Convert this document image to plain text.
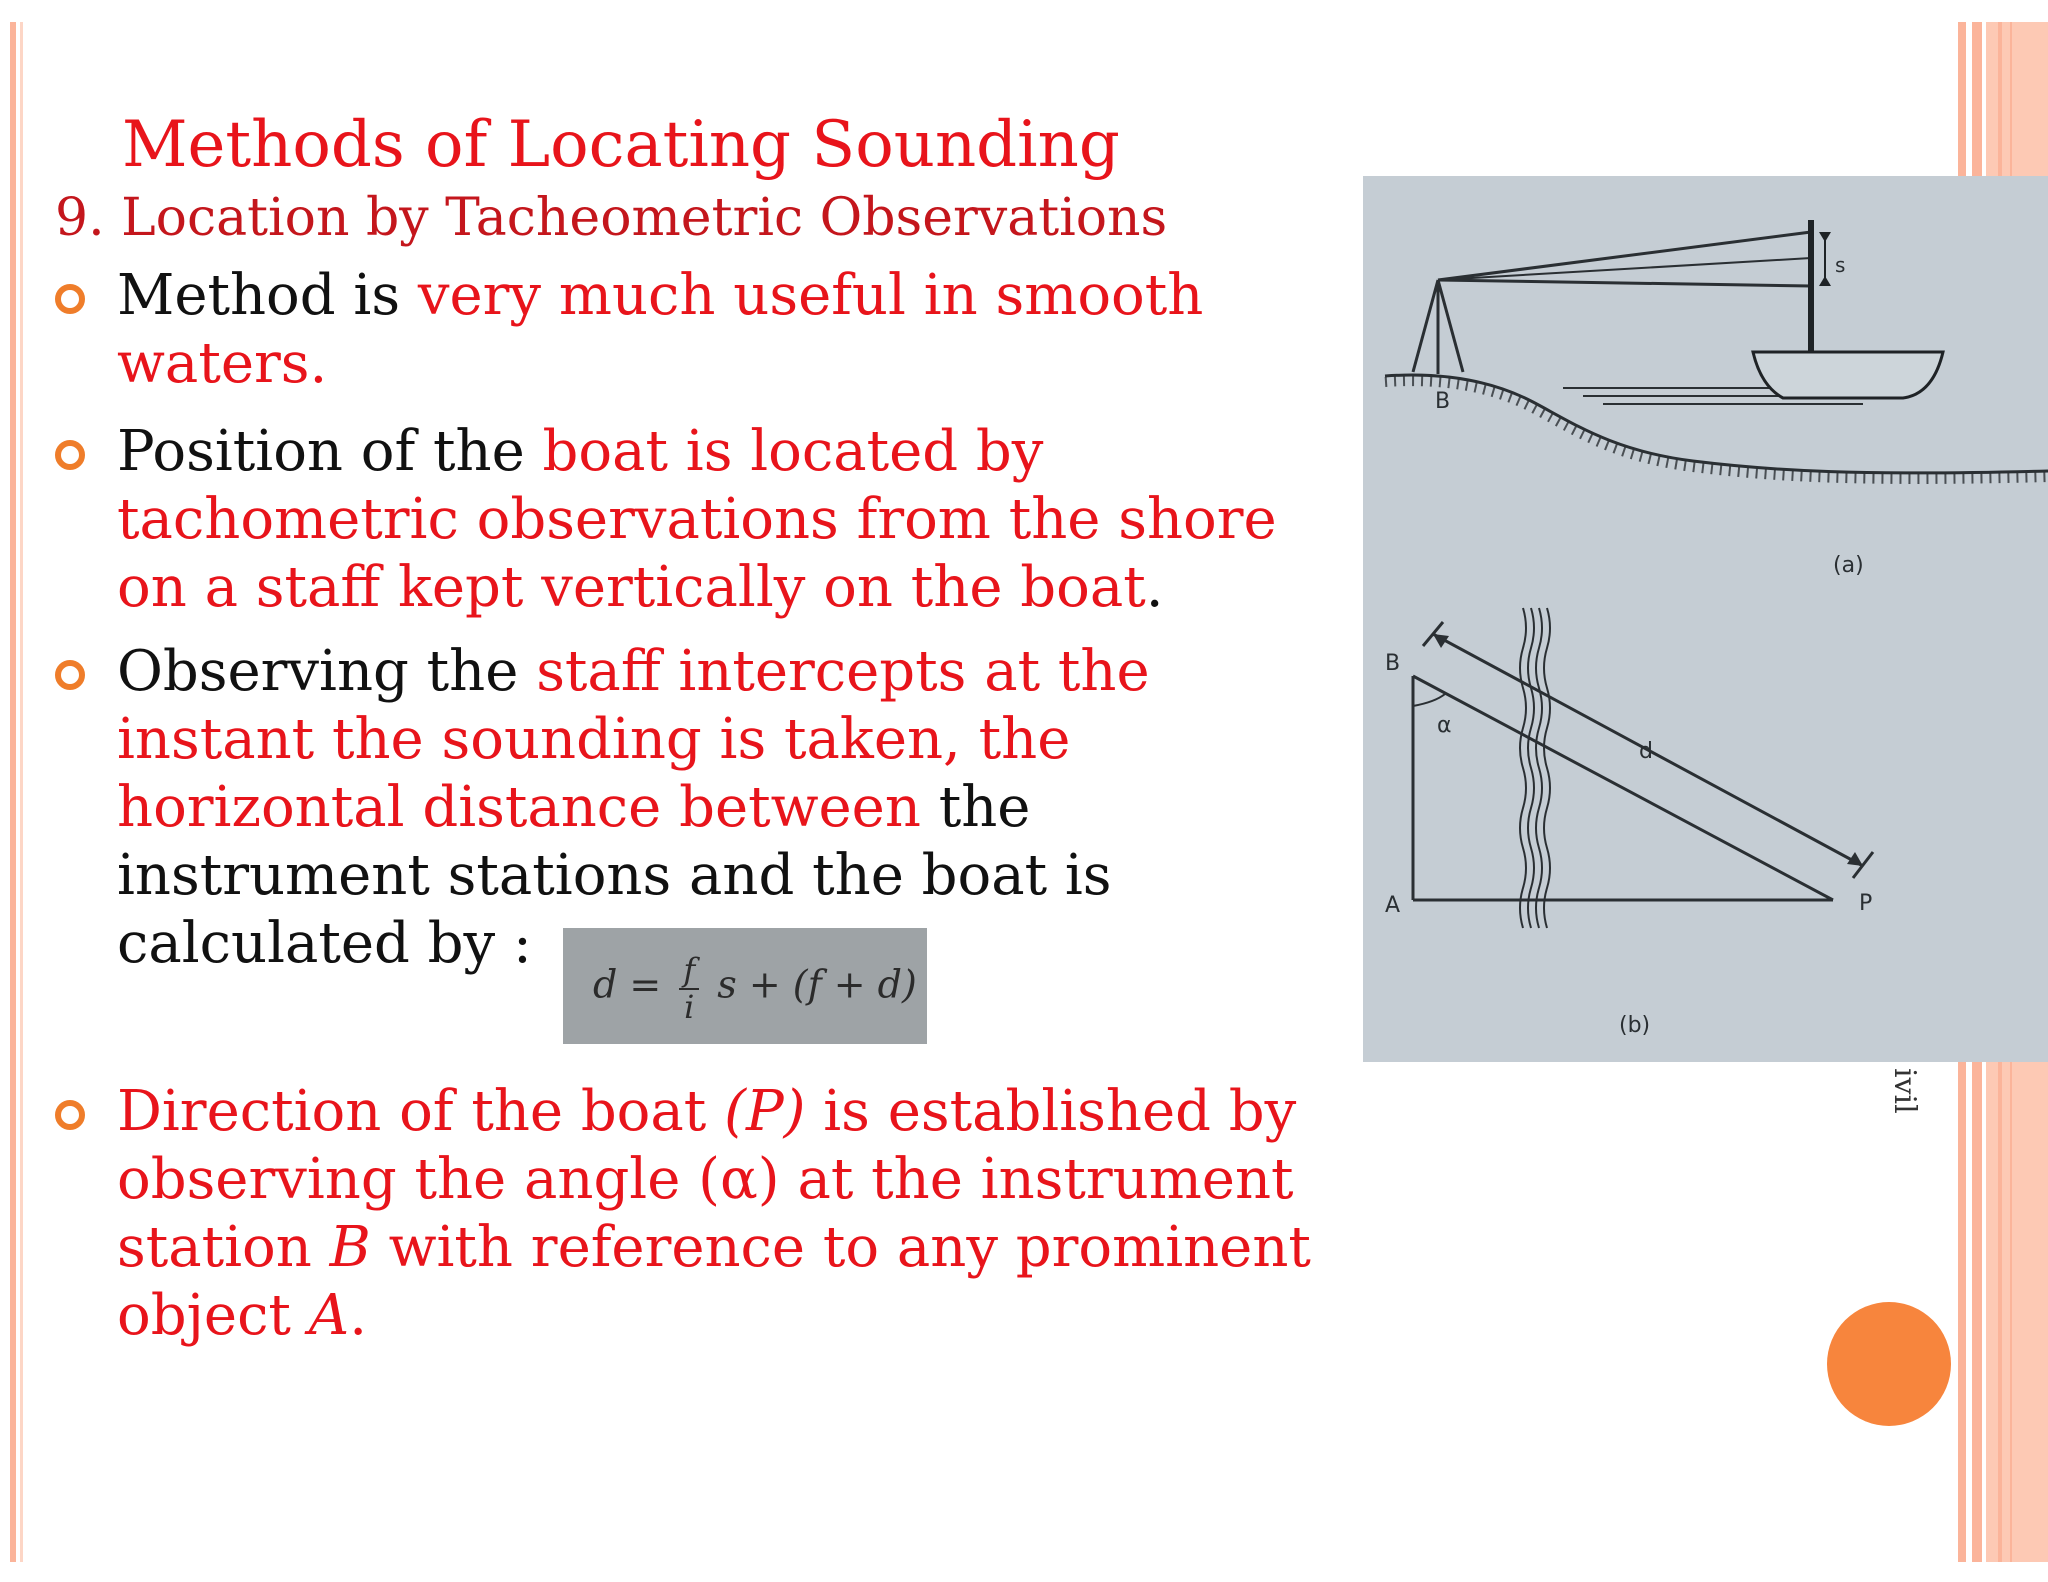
Methods of Locating Sounding
9. Location by Tacheometric Observations
Method is very much useful in smooth waters.
Position of the boat is located by tachometric observations from the shore on a staff kept vertically on the boat.
Observing the staff intercepts at the instant the sounding is taken, the horizontal distance between the instrument stations and the boat is calculated by :
$d = \frac{f}{i}$ s + (f + d)
Direction of the boat (P) is established by observing the angle (α) at the instrument station B with reference to any prominent object A.
s
B
(a)
B
α
d
A	P
(b)
ivil
